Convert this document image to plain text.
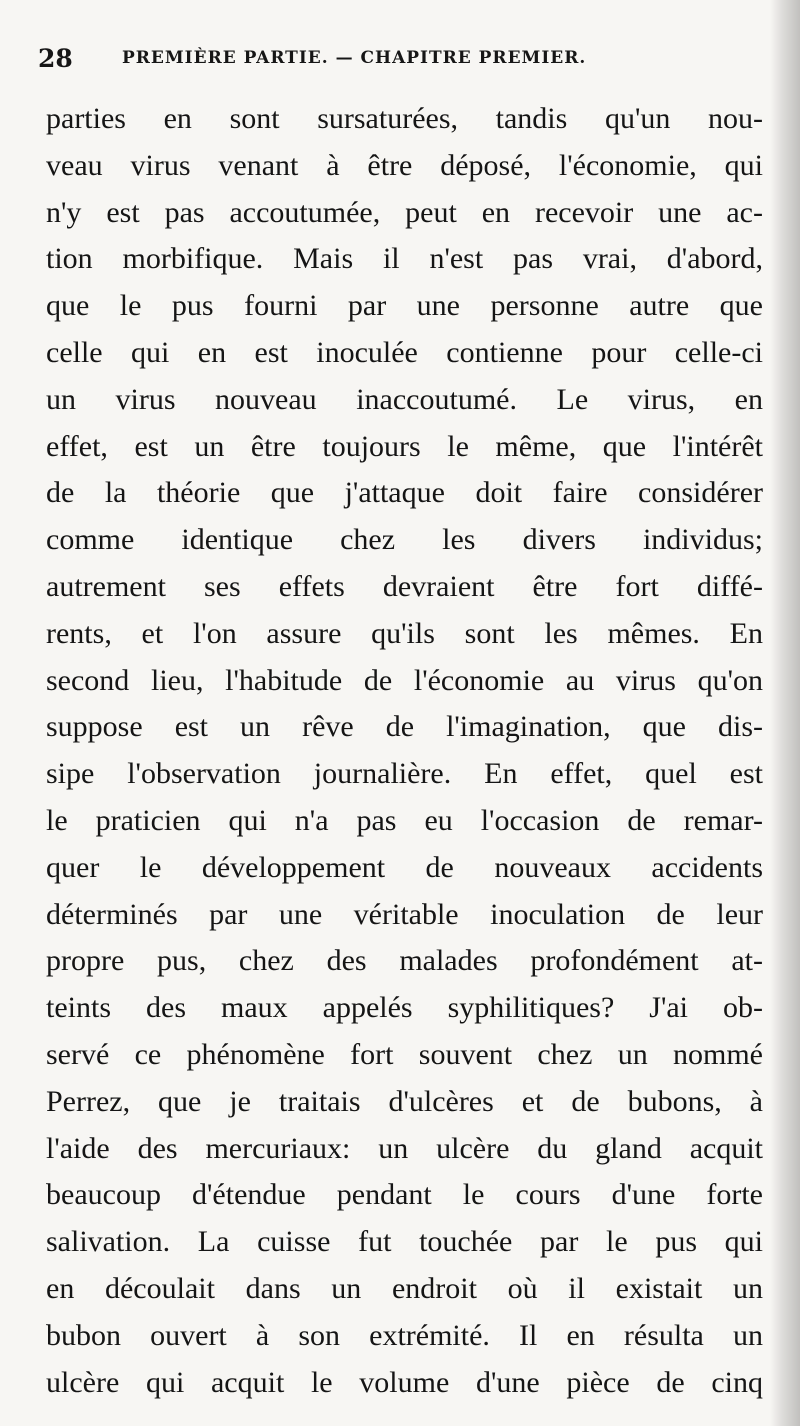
28	PREMIÈRE PARTIE. — CHAPITRE PREMIER.
parties en sont sursaturées, tandis qu'un nou-
veau virus venant à être déposé, l'économie, qui
n'y est pas accoutumée, peut en recevoir une ac-
tion morbifique. Mais il n'est pas vrai, d'abord,
que le pus fourni par une personne autre que
celle qui en est inoculée contienne pour celle-ci
un virus nouveau inaccoutumé. Le virus, en
effet, est un être toujours le même, que l'intérêt
de la théorie que j'attaque doit faire considérer
comme identique chez les divers individus;
autrement ses effets devraient être fort diffé-
rents, et l'on assure qu'ils sont les mêmes. En
second lieu, l'habitude de l'économie au virus qu'on
suppose est un rêve de l'imagination, que dis-
sipe l'observation journalière. En effet, quel est
le praticien qui n'a pas eu l'occasion de remar-
quer le développement de nouveaux accidents
déterminés par une véritable inoculation de leur
propre pus, chez des malades profondément at-
teints des maux appelés syphilitiques? J'ai ob-
servé ce phénomène fort souvent chez un nommé
Perrez, que je traitais d'ulcères et de bubons, à
l'aide des mercuriaux: un ulcère du gland acquit
beaucoup d'étendue pendant le cours d'une forte
salivation. La cuisse fut touchée par le pus qui
en découlait dans un endroit où il existait un
bubon ouvert à son extrémité. Il en résulta un
ulcère qui acquit le volume d'une pièce de cinq
